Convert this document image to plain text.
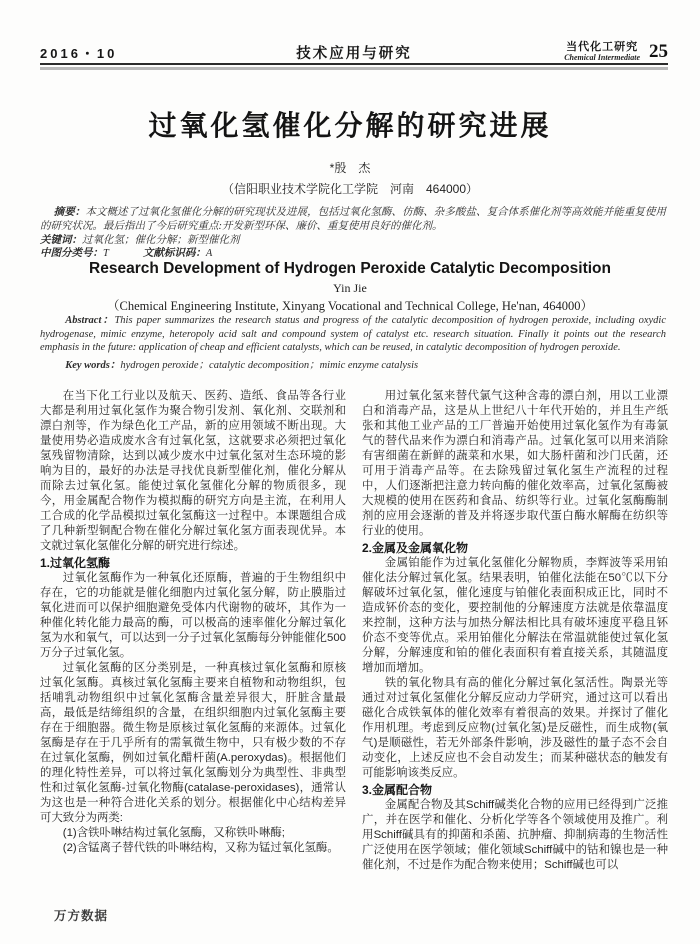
2016・10	技术应用与研究	当代化工研究
Chemical Intermediate 25
过氧化氢催化分解的研究进展
*殷　杰
（信阳职业技术学院化工学院　河南　464000）

摘要：本文概述了过氧化氢催化分解的研究现状及进展，包括过氧化氢酶、仿酶、杂多酸盐、复合体系催化剂等高效能并能重复使用的研究状况。最后指出了今后研究重点:开发新型环保、廉价、重复使用良好的催化剂。

关键词：过氧化氢；催化分解；新型催化剂

中图分类号：T	文献标识码：A

Research Development of Hydrogen Peroxide Catalytic Decomposition
Yin Jie
（Chemical Engineering Institute, Xinyang Vocational and Technical College, He'nan, 464000）

Abstract：This paper summarizes the research status and progress of the catalytic decomposition of hydrogen peroxide, including oxydic hydrogenase, mimic enzyme, heteropoly acid salt and compound system of catalyst etc. research situation. Finally it points out the research emphasis in the future: application of cheap and efficient catalysts, which can be reused, in catalytic decomposition of hydrogen peroxide.

Key words：hydrogen peroxide；catalytic decomposition；mimic enzyme catalysis

在当下化工行业以及航天、医药、造纸、食品等各行业大都是利用过氧化氢作为聚合物引发剂、氧化剂、交联剂和漂白剂等，作为绿色化工产品，新的应用领域不断出现。大量使用势必造成废水含有过氧化氢，这就要求必须把过氧化氢残留物清除，达到以减少废水中过氧化氢对生态环境的影响为目的，最好的办法是寻找优良新型催化剂，催化分解从而除去过氧化氢。能使过氧化氢催化分解的物质很多，现今，用金属配合物作为模拟酶的研究方向是主流，在利用人工合成的化学品模拟过氧化氢酶这一过程中。本课题组合成了几种新型铜配合物在催化分解过氧化氢方面表现优异。本文就过氧化氢催化分解的研究进行综述。

1.过氧化氢酶

过氧化氢酶作为一种氧化还原酶，普遍的于生物组织中存在，它的功能就是催化细胞内过氧化氢分解，防止膜脂过氧化进而可以保护细胞避免受体内代谢物的破坏，其作为一种催化转化能力最高的酶，可以极高的速率催化分解过氧化氢为水和氧气，可以达到一分子过氧化氢酶每分钟能催化500万分子过氧化氢。

过氧化氢酶的区分类别是，一种真核过氧化氢酶和原核过氧化氢酶。真核过氧化氢酶主要来自植物和动物组织，包括哺乳动物组织中过氧化氢酶含量差异很大，肝脏含量最高，最低是结缔组织的含量，在组织细胞内过氧化氢酶主要存在于细胞器。微生物是原核过氧化氢酶的来源体。过氧化氢酶是存在于几乎所有的需氧微生物中，只有极少数的不存在过氧化氢酶，例如过氧化醋杆菌(A.peroxydas)。根据他们的理化特性差异，可以将过氧化氢酶划分为典型性、非典型性和过氧化氢酶-过氧化物酶(catalase-peroxidases)，通常认为这也是一种符合进化关系的划分。根据催化中心结构差异可大致分为两类:

(1)含铁卟啉结构过氧化氢酶，又称铁卟啉酶;

(2)含锰离子替代铁的卟啉结构，又称为锰过氧化氢酶。

用过氧化氢来替代氯气这种含毒的漂白剂，用以工业漂白和消毒产品，这是从上世纪八十年代开始的，并且生产纸张和其他工业产品的工厂普遍开始使用过氧化氢作为有毒氯气的替代品来作为漂白和消毒产品。过氧化氢可以用来消除有害细菌在新鲜的蔬菜和水果，如大肠杆菌和沙门氏菌，还可用于消毒产品等。在去除残留过氧化氢生产流程的过程中，人们逐渐把注意力转向酶的催化效率高，过氧化氢酶被大规模的使用在医药和食品、纺织等行业。过氧化氢酶酶制剂的应用会逐渐的普及并将逐步取代蛋白酶水解酶在纺织等行业的使用。

2.金属及金属氧化物

金属铂能作为过氧化氢催化分解物质，李辉波等采用铂催化法分解过氧化氢。结果表明，铂催化法能在50℃以下分解破坏过氧化氢，催化速度与铂催化表面积成正比，同时不造成钚价态的变化，要控制他的分解速度方法就是依靠温度来控制，这种方法与加热分解法相比具有破坏速度平稳且钚价态不变等优点。采用铂催化分解法在常温就能使过氧化氢分解，分解速度和铂的催化表面积有着直接关系，其随温度增加而增加。

铁的氧化物具有高的催化分解过氧化氢活性。陶景光等通过对过氧化氢催化分解反应动力学研究，通过这可以看出磁化合成铁氧体的催化效率有着很高的效果。并探讨了催化作用机理。考虑到反应物(过氧化氢)是反磁性，而生成物(氧气)是顺磁性，若无外部条件影响，涉及磁性的量子态不会自动变化，上述反应也不会自动发生；而某种磁状态的触发有可能影响该类反应。

3.金属配合物

金属配合物及其Schiff碱类化合物的应用已经得到广泛推广，并在医学和催化、分析化学等各个领域使用及推广。利用Schiff碱具有的抑菌和杀菌、抗肿瘤、抑制病毒的生物活性广泛使用在医学领域；催化领域Schiff碱中的钴和镍也是一种催化剂，不过是作为配合物来使用；Schiff碱也可以

万方数据
